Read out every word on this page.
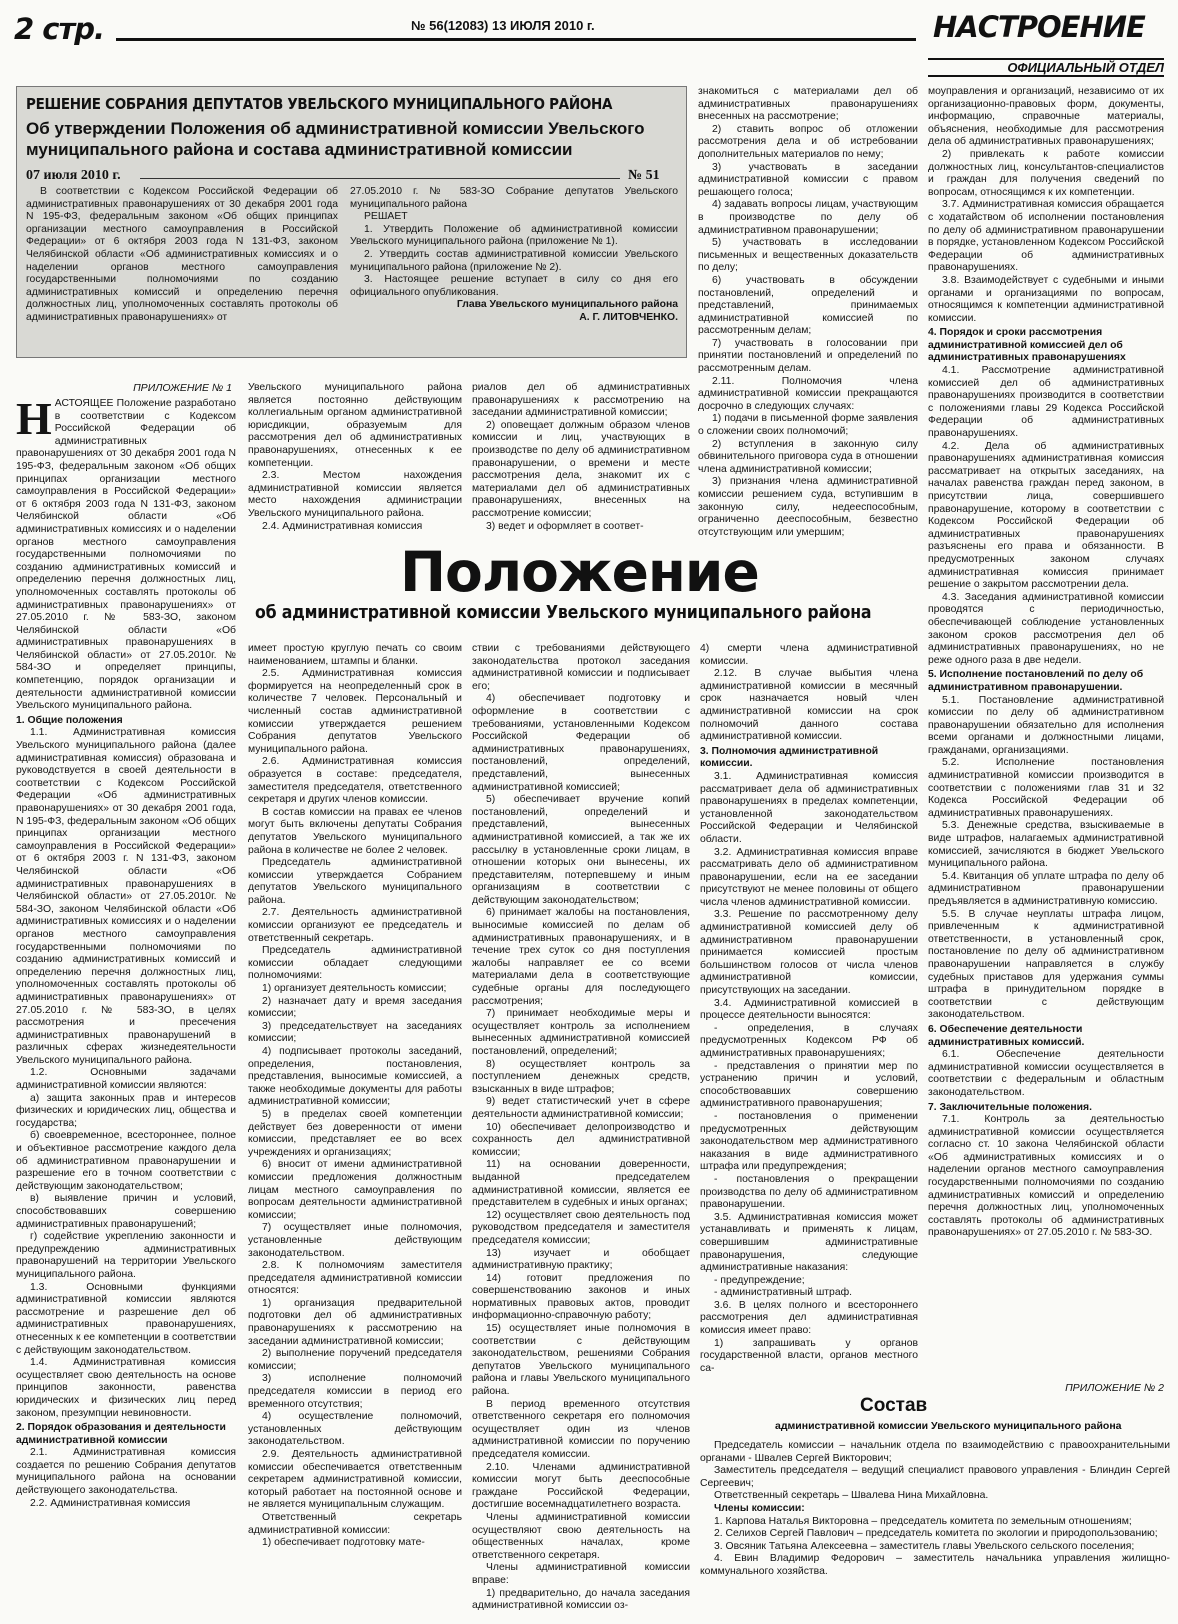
2 стр.	№ 56(12083) 13 ИЮЛЯ 2010 г.	НАСТРОЕНИЕ
ОФИЦИАЛЬНЫЙ ОТДЕЛ
РЕШЕНИЕ СОБРАНИЯ ДЕПУТАТОВ УВЕЛЬСКОГО МУНИЦИПАЛЬНОГО РАЙОНА
Об утверждении Положения об административной комиссии Увельского муниципального района и состава административной комиссии
07 июля 2010 г.	№ 51

В соответствии с Кодексом Российской Федерации об административных правонарушениях от 30 декабря 2001 года N 195-ФЗ, федеральным законом «Об общих принципах организации местного самоуправления в Российской Федерации» от 6 октября 2003 года N 131-ФЗ, законом Челябинской области «Об административных комиссиях и о наделении органов местного самоуправления государственными полномочиями по созданию административных комиссий и определению перечня должностных лиц, уполномоченных составлять протоколы об административных правонарушениях» от

27.05.2010 г. № 583-ЗО Собрание депутатов Увельского муниципального района

РЕШАЕТ

1. Утвердить Положение об административной комиссии Увельского муниципального района (приложение № 1).

2. Утвердить состав административной комиссии Увельского муниципального района (приложение № 2).

3. Настоящее решение вступает в силу со дня его официального опубликования.

Глава Увельского муниципального района

А. Г. ЛИТОВЧЕНКО.

знакомиться с материалами дел об административных правонарушениях внесенных на рассмотрение;

2) ставить вопрос об отложении рассмотрения дела и об истребовании дополнительных материалов по нему;

3) участвовать в заседании административной комиссии с правом решающего голоса;

4) задавать вопросы лицам, участвующим в производстве по делу об административном правонарушении;

5) участвовать в исследовании письменных и вещественных доказательств по делу;

6) участвовать в обсуждении постановлений, определений и представлений, принимаемых административной комиссией по рассмотренным делам;

7) участвовать в голосовании при принятии постановлений и определений по рассмотренным делам.

2.11. Полномочия члена административной комиссии прекращаются досрочно в следующих случаях:

1) подачи в письменной форме заявления о сложении своих полномочий;

2) вступления в законную силу обвинительного приговора суда в отношении члена административной комиссии;

3) признания члена административной комиссии решением суда, вступившим в законную силу, недееспособным, ограниченно дееспособным, безвестно отсутствующим или умершим;

моуправления и организаций, независимо от их организационно-правовых форм, документы, информацию, справочные материалы, объяснения, необходимые для рассмотрения дела об административных правонарушениях;

2) привлекать к работе комиссии должностных лиц, консультантов-специалистов и граждан для получения сведений по вопросам, относящимся к их компетенции.

3.7. Административная комиссия обращается с ходатайством об исполнении постановления по делу об административном правонарушении в порядке, установленном Кодексом Российской Федерации об административных правонарушениях.

3.8. Взаимодействует с судебными и иными органами и организациями по вопросам, относящимся к компетенции административной комиссии.

4. Порядок и сроки рассмотрения административной комиссией дел об административных правонарушениях

4.1. Рассмотрение административной комиссией дел об административных правонарушениях производится в соответствии с положениями главы 29 Кодекса Российской Федерации об административных правонарушениях.

4.2. Дела об административных правонарушениях административная комиссия рассматривает на открытых заседаниях, на началах равенства граждан перед законом, в присутствии лица, совершившего правонарушение, которому в соответствии с Кодексом Российской Федерации об административных правонарушениях разъяснены его права и обязанности. В предусмотренных законом случаях административная комиссия принимает решение о закрытом рассмотрении дела.

4.3. Заседания административной комиссии проводятся с периодичностью, обеспечивающей соблюдение установленных законом сроков рассмотрения дел об административных правонарушениях, но не реже одного раза в две недели.

5. Исполнение постановлений по делу об административном правонарушении.

5.1. Постановление административной комиссии по делу об административном правонарушении обязательно для исполнения всеми органами и должностными лицами, гражданами, организациями.

5.2. Исполнение постановления административной комиссии производится в соответствии с положениями глав 31 и 32 Кодекса Российской Федерации об административных правонарушениях.

5.3. Денежные средства, взыскиваемые в виде штрафов, налагаемых административной комиссией, зачисляются в бюджет Увельского муниципального района.

5.4. Квитанция об уплате штрафа по делу об административном правонарушении предъявляется в административную комиссию.

5.5. В случае неуплаты штрафа лицом, привлеченным к административной ответственности, в установленный срок, постановление по делу об административном правонарушении направляется в службу судебных приставов для удержания суммы штрафа в принудительном порядке в соответствии с действующим законодательством.

6. Обеспечение деятельности административных комиссий.

6.1. Обеспечение деятельности административной комиссии осуществляется в соответствии с федеральным и областным законодательством.

7. Заключительные положения.

7.1. Контроль за деятельностью административной комиссии осуществляется согласно ст. 10 закона Челябинской области «Об административных комиссиях и о наделении органов местного самоуправления государственными полномочиями по созданию административных комиссий и определению перечня должностных лиц, уполномоченных составлять протоколы об административных правонарушениях» от 27.05.2010 г. № 583-ЗО.

ПРИЛОЖЕНИЕ № 1

НАСТОЯЩЕЕ Положение разработано в соответствии с Кодексом Российской Федерации об административных правонарушениях от 30 декабря 2001 года N 195-ФЗ, федеральным законом «Об общих принципах организации местного самоуправления в Российской Федерации» от 6 октября 2003 года N 131-ФЗ, законом Челябинской области «Об административных комиссиях и о наделении органов местного самоуправления государственными полномочиями по созданию административных комиссий и определению перечня должностных лиц, уполномоченных составлять протоколы об административных правонарушениях» от 27.05.2010 г. № 583-ЗО, законом Челябинской области «Об административных правонарушениях в Челябинской области» от 27.05.2010г. № 584-ЗО и определяет принципы, компетенцию, порядок организации и деятельности административной комиссии Увельского муниципального района.

1. Общие положения

1.1. Административная комиссия Увельского муниципального района (далее административная комиссия) образована и руководствуется в своей деятельности в соответствии с Кодексом Российской Федерации «Об административных правонарушениях» от 30 декабря 2001 года, N 195-ФЗ, федеральным законом «Об общих принципах организации местного самоуправления в Российской Федерации» от 6 октября 2003 г. N 131-ФЗ, законом Челябинской области «Об административных правонарушениях в Челябинской области» от 27.05.2010г. № 584-ЗО, законом Челябинской области «Об административных комиссиях и о наделении органов местного самоуправления государственными полномочиями по созданию административных комиссий и определению перечня должностных лиц, уполномоченных составлять протоколы об административных правонарушениях» от 27.05.2010 г. № 583-ЗО, в целях рассмотрения и пресечения административных правонарушений в различных сферах жизнедеятельности Увельского муниципального района.

1.2. Основными задачами административной комиссии являются:

а) защита законных прав и интересов физических и юридических лиц, общества и государства;

б) своевременное, всестороннее, полное и объективное рассмотрение каждого дела об административном правонарушении и разрешение его в точном соответствии с действующим законодательством;

в) выявление причин и условий, способствовавших совершению административных правонарушений;

г) содействие укреплению законности и предупреждению административных правонарушений на территории Увельского муниципального района.

1.3. Основными функциями административной комиссии являются рассмотрение и разрешение дел об административных правонарушениях, отнесенных к ее компетенции в соответствии с действующим законодательством.

1.4. Административная комиссия осуществляет свою деятельность на основе принципов законности, равенства юридических и физических лиц перед законом, презумпции невиновности.

2. Порядок образования и деятельности административной комиссии

2.1. Административная комиссия создается по решению Собрания депутатов муниципального района на основании действующего законодательства.

2.2. Административная комиссия

Увельского муниципального района является постоянно действующим коллегиальным органом административной юрисдикции, образуемым для рассмотрения дел об административных правонарушениях, отнесенных к ее компетенции.

2.3. Местом нахождения административной комиссии является место нахождения администрации Увельского муниципального района.

2.4. Административная комиссия

риалов дел об административных правонарушениях к рассмотрению на заседании административной комиссии;

2) оповещает должным образом членов комиссии и лиц, участвующих в производстве по делу об административном правонарушении, о времени и месте рассмотрения дела, знакомит их с материалами дел об административных правонарушениях, внесенных на рассмотрение комиссии;

3) ведет и оформляет в соответ-

Положение
об административной комиссии Увельского муниципального района

имеет простую круглую печать со своим наименованием, штампы и бланки.

2.5. Административная комиссия формируется на неопределенный срок в количестве 7 человек. Персональный и численный состав административной комиссии утверждается решением Собрания депутатов Увельского муниципального района.

2.6. Административная комиссия образуется в составе: председателя, заместителя председателя, ответственного секретаря и других членов комиссии.

В состав комиссии на правах ее членов могут быть включены депутаты Собрания депутатов Увельского муниципального района в количестве не более 2 человек.

Председатель административной комиссии утверждается Собранием депутатов Увельского муниципального района.

2.7. Деятельность административной комиссии организуют ее председатель и ответственный секретарь.

Председатель административной комиссии обладает следующими полномочиями:

1) организует деятельность комиссии;

2) назначает дату и время заседания комиссии;

3) председательствует на заседаниях комиссии;

4) подписывает протоколы заседаний, определения, постановления, представления, выносимые комиссией, а также необходимые документы для работы административной комиссии;

5) в пределах своей компетенции действует без доверенности от имени комиссии, представляет ее во всех учреждениях и организациях;

6) вносит от имени административной комиссии предложения должностным лицам местного самоуправления по вопросам деятельности административной комиссии;

7) осуществляет иные полномочия, установленные действующим законодательством.

2.8. К полномочиям заместителя председателя административной комиссии относятся:

1) организация предварительной подготовки дел об административных правонарушениях к рассмотрению на заседании административной комиссии;

2) выполнение поручений председателя комиссии;

3) исполнение полномочий председателя комиссии в период его временного отсутствия;

4) осуществление полномочий, установленных действующим законодательством.

2.9. Деятельность административной комиссии обеспечивается ответственным секретарем административной комиссии, который работает на постоянной основе и не является муниципальным служащим.

Ответственный секретарь административной комиссии:

1) обеспечивает подготовку мате-

ствии с требованиями действующего законодательства протокол заседания административной комиссии и подписывает его;

4) обеспечивает подготовку и оформление в соответствии с требованиями, установленными Кодексом Российской Федерации об административных правонарушениях, постановлений, определений, представлений, вынесенных административной комиссией;

5) обеспечивает вручение копий постановлений, определений и представлений, вынесенных административной комиссией, а так же их рассылку в установленные сроки лицам, в отношении которых они вынесены, их представителям, потерпевшему и иным организациям в соответствии с действующим законодательством;

6) принимает жалобы на постановления, выносимые комиссией по делам об административных правонарушениях, и в течение трех суток со дня поступления жалобы направляет ее со всеми материалами дела в соответствующие судебные органы для последующего рассмотрения;

7) принимает необходимые меры и осуществляет контроль за исполнением вынесенных административной комиссией постановлений, определений;

8) осуществляет контроль за поступлением денежных средств, взысканных в виде штрафов;

9) ведет статистический учет в сфере деятельности административной комиссии;

10) обеспечивает делопроизводство и сохранность дел административной комиссии;

11) на основании доверенности, выданной председателем административной комиссии, является ее представителем в судебных и иных органах;

12) осуществляет свою деятельность под руководством председателя и заместителя председателя комиссии;

13) изучает и обобщает административную практику;

14) готовит предложения по совершенствованию законов и иных нормативных правовых актов, проводит информационно-справочную работу;

15) осуществляет иные полномочия в соответствии с действующим законодательством, решениями Собрания депутатов Увельского муниципального района и главы Увельского муниципального района.

В период временного отсутствия ответственного секретаря его полномочия осуществляет один из членов административной комиссии по поручению председателя комиссии.

2.10. Членами административной комиссии могут быть дееспособные граждане Российской Федерации, достигшие восемнадцатилетнего возраста.

Члены административной комиссии осуществляют свою деятельность на общественных началах, кроме ответственного секретаря.

Члены административной комиссии вправе:

1) предварительно, до начала заседания административной комиссии оз-

4) смерти члена административной комиссии.

2.12. В случае выбытия члена административной комиссии в месячный срок назначается новый член административной комиссии на срок полномочий данного состава административной комиссии.

3. Полномочия административной комиссии.

3.1. Административная комиссия рассматривает дела об административных правонарушениях в пределах компетенции, установленной законодательством Российской Федерации и Челябинской области.

3.2. Административная комиссия вправе рассматривать дело об административном правонарушении, если на ее заседании присутствуют не менее половины от общего числа членов административной комиссии.

3.3. Решение по рассмотренному делу административной комиссией делу об административном правонарушении принимается комиссией простым большинством голосов от числа членов административной комиссии, присутствующих на заседании.

3.4. Административной комиссией в процессе деятельности выносятся:

- определения, в случаях предусмотренных Кодексом РФ об административных правонарушениях;

- представления о принятии мер по устранению причин и условий, способствовавших совершению административного правонарушения;

- постановления о применении предусмотренных действующим законодательством мер административного наказания в виде административного штрафа или предупреждения;

- постановления о прекращении производства по делу об административном правонарушении.

3.5. Административная комиссия может устанавливать и применять к лицам, совершившим административные правонарушения, следующие административные наказания:

- предупреждение;

- административный штраф.

3.6. В целях полного и всестороннего рассмотрения дел административная комиссия имеет право:

1) запрашивать у органов государственной власти, органов местного са-

ПРИЛОЖЕНИЕ № 2
Состав
административной комиссии Увельского муниципального района

Председатель комиссии – начальник отдела по взаимодействию с правоохранительными органами - Швалев Сергей Викторович;

Заместитель председателя – ведущий специалист правового управления - Блиндин Сергей Сергеевич;

Ответственный секретарь – Швалева Нина Михайловна.

Члены комиссии:

1. Карпова Наталья Викторовна – председатель комитета по земельным отношениям;

2. Селихов Сергей Павлович – председатель комитета по экологии и природопользованию;

3. Овсяник Татьяна Алексеевна – заместитель главы Увельского сельского поселения;

4. Евин Владимир Федорович – заместитель начальника управления жилищно-коммунального хозяйства.
